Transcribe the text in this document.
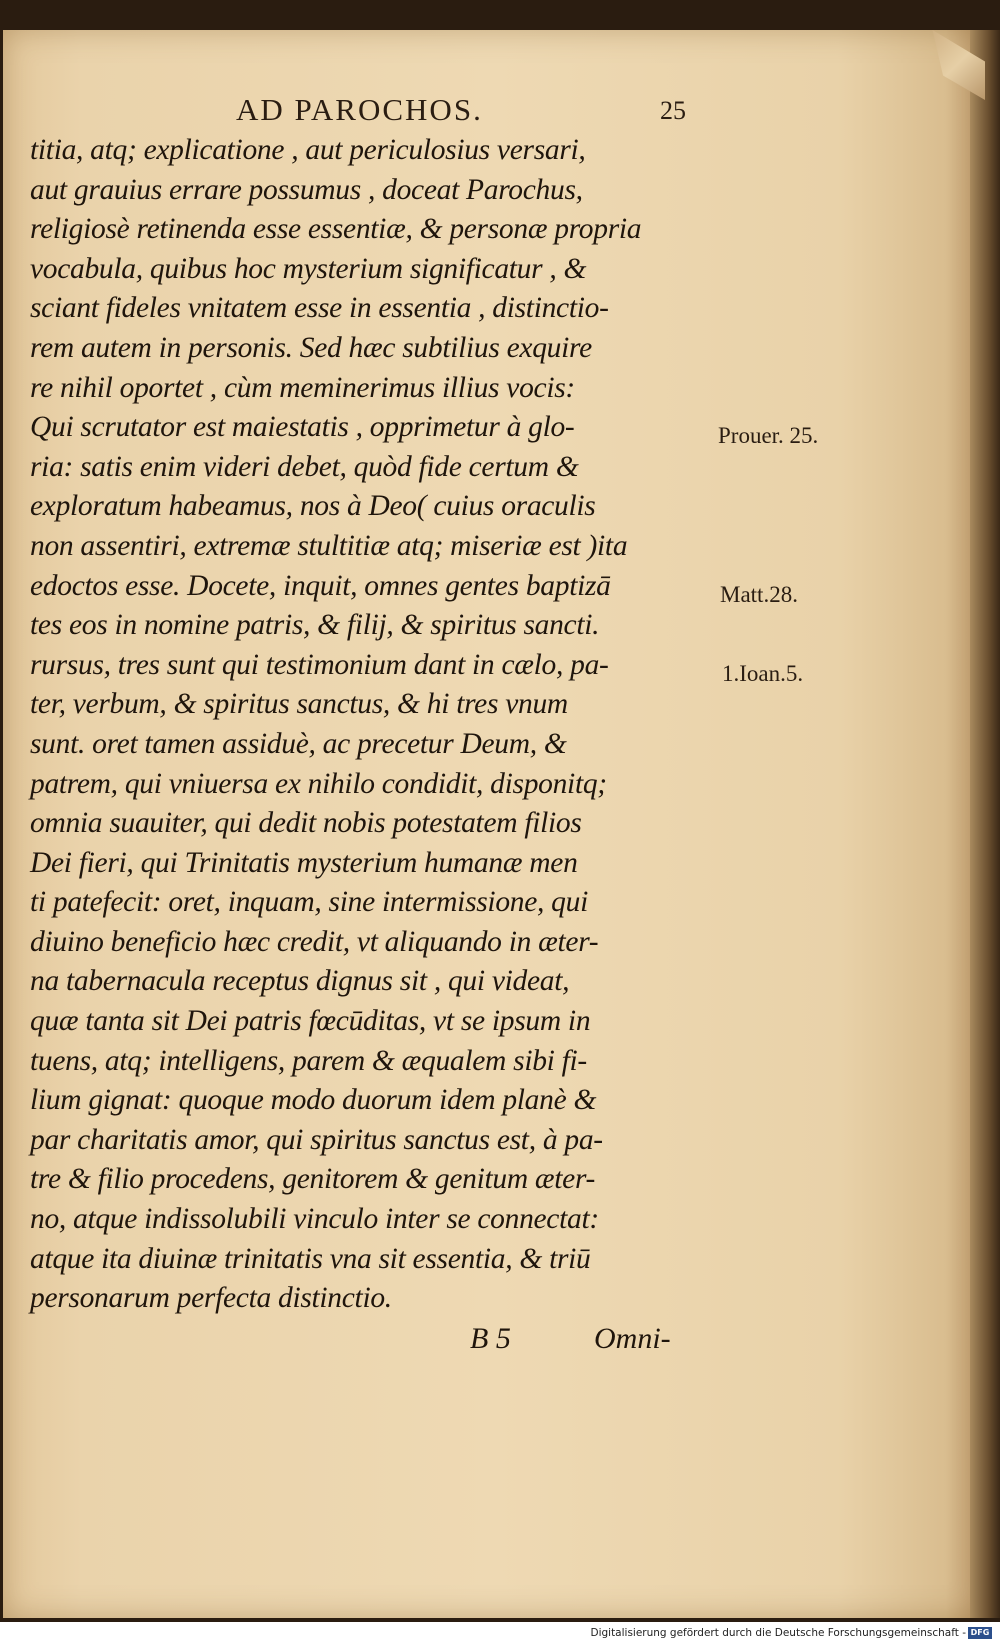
AD PAROCHOS.	25
titia, atq; explicatione , aut periculosius versari,
aut grauius errare possumus , doceat Parochus,
religiosè retinenda esse essentiæ, & personæ propria
vocabula, quibus hoc mysterium significatur , &
sciant fideles vnitatem esse in essentia , distinctio-
rem autem in personis. Sed hæc subtilius exquire
re nihil oportet , cùm meminerimus illius vocis:
Qui scrutator est maiestatis , opprimetur à glo-
ria: satis enim videri debet, quòd fide certum &
exploratum habeamus, nos à Deo( cuius oraculis
non assentiri, extremæ stultitiæ atq; miseriæ est )ita
edoctos esse. Docete, inquit, omnes gentes baptizā
tes eos in nomine patris, & filij, & spiritus sancti.
rursus, tres sunt qui testimonium dant in cælo, pa-
ter, verbum, & spiritus sanctus, & hi tres vnum
sunt. oret tamen assiduè, ac precetur Deum, &
patrem, qui vniuersa ex nihilo condidit, disponitq;
omnia suauiter, qui dedit nobis potestatem filios
Dei fieri, qui Trinitatis mysterium humanæ men
ti patefecit: oret, inquam, sine intermissione, qui
diuino beneficio hæc credit, vt aliquando in æter-
na tabernacula receptus dignus sit , qui videat,
quæ tanta sit Dei patris fœcūditas, vt se ipsum in
tuens, atq; intelligens, parem & æqualem sibi fi-
lium gignat: quoque modo duorum idem planè &
par charitatis amor, qui spiritus sanctus est, à pa-
tre & filio procedens, genitorem & genitum æter-
no, atque indissolubili vinculo inter se connectat:
atque ita diuinæ trinitatis vna sit essentia, & triū
personarum perfecta distinctio.
Prouer. 25.
Matt.28.
1.Ioan.5.
B 5	Omni-
Digitalisierung gefördert durch die Deutsche Forschungsgemeinschaft - DFG
